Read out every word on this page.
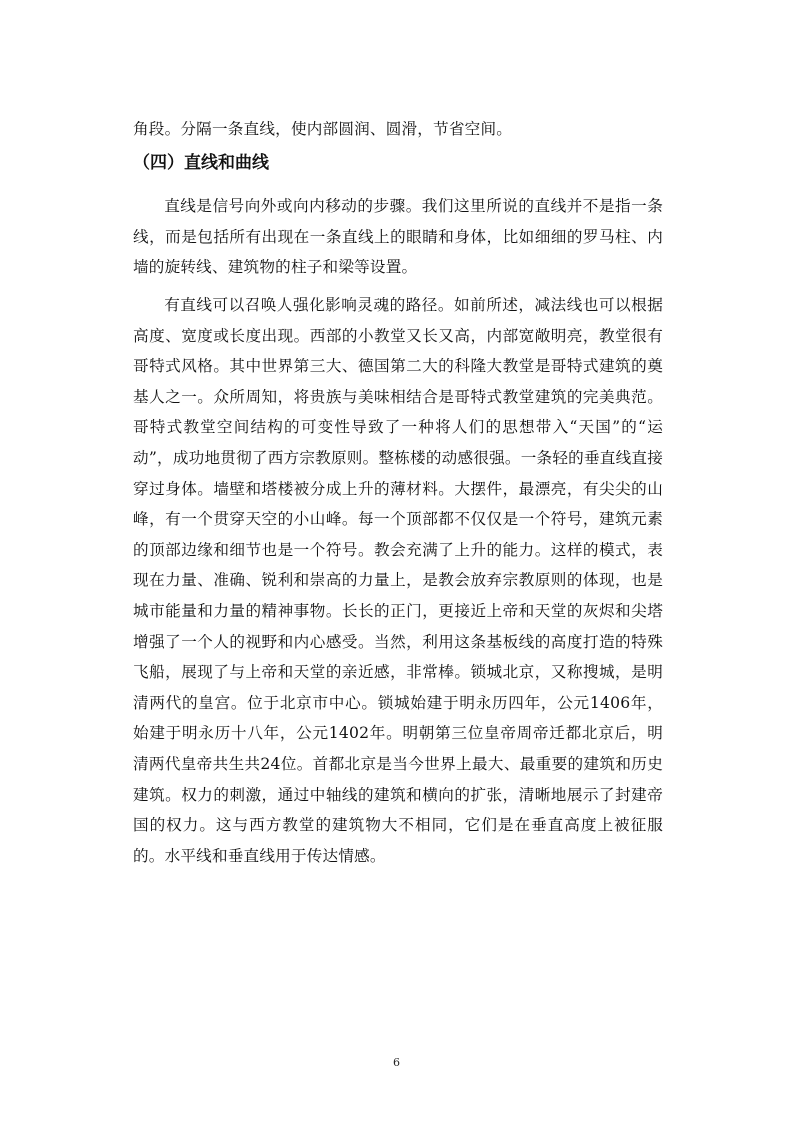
角段。分隔一条直线，使内部圆润、圆滑，节省空间。

（四）直线和曲线

直线是信号向外或向内移动的步骤。我们这里所说的直线并不是指一条线，而是包括所有出现在一条直线上的眼睛和身体，比如细细的罗马柱、内墙的旋转线、建筑物的柱子和梁等设置。

有直线可以召唤人强化影响灵魂的路径。如前所述，减法线也可以根据高度、宽度或长度出现。西部的小教堂又长又高，内部宽敞明亮，教堂很有哥特式风格。其中世界第三大、德国第二大的科隆大教堂是哥特式建筑的奠基人之一。众所周知，将贵族与美味相结合是哥特式教堂建筑的完美典范。哥特式教堂空间结构的可变性导致了一种将人们的思想带入“天国”的“运动”，成功地贯彻了西方宗教原则。整栋楼的动感很强。一条轻的垂直线直接穿过身体。墙壁和塔楼被分成上升的薄材料。大摆件，最漂亮，有尖尖的山峰，有一个贯穿天空的小山峰。每一个顶部都不仅仅是一个符号，建筑元素的顶部边缘和细节也是一个符号。教会充满了上升的能力。这样的模式，表现在力量、准确、锐利和崇高的力量上，是教会放弃宗教原则的体现，也是城市能量和力量的精神事物。长长的正门，更接近上帝和天堂的灰烬和尖塔增强了一个人的视野和内心感受。当然，利用这条基板线的高度打造的特殊飞船，展现了与上帝和天堂的亲近感，非常棒。锁城北京，又称搜城，是明清两代的皇宫。位于北京市中心。锁城始建于明永历四年，公元1406年，始建于明永历十八年，公元1402年。明朝第三位皇帝周帝迁都北京后，明清两代皇帝共生共24位。首都北京是当今世界上最大、最重要的建筑和历史建筑。权力的刺激，通过中轴线的建筑和横向的扩张，清晰地展示了封建帝国的权力。这与西方教堂的建筑物大不相同，它们是在垂直高度上被征服的。水平线和垂直线用于传达情感。

6
